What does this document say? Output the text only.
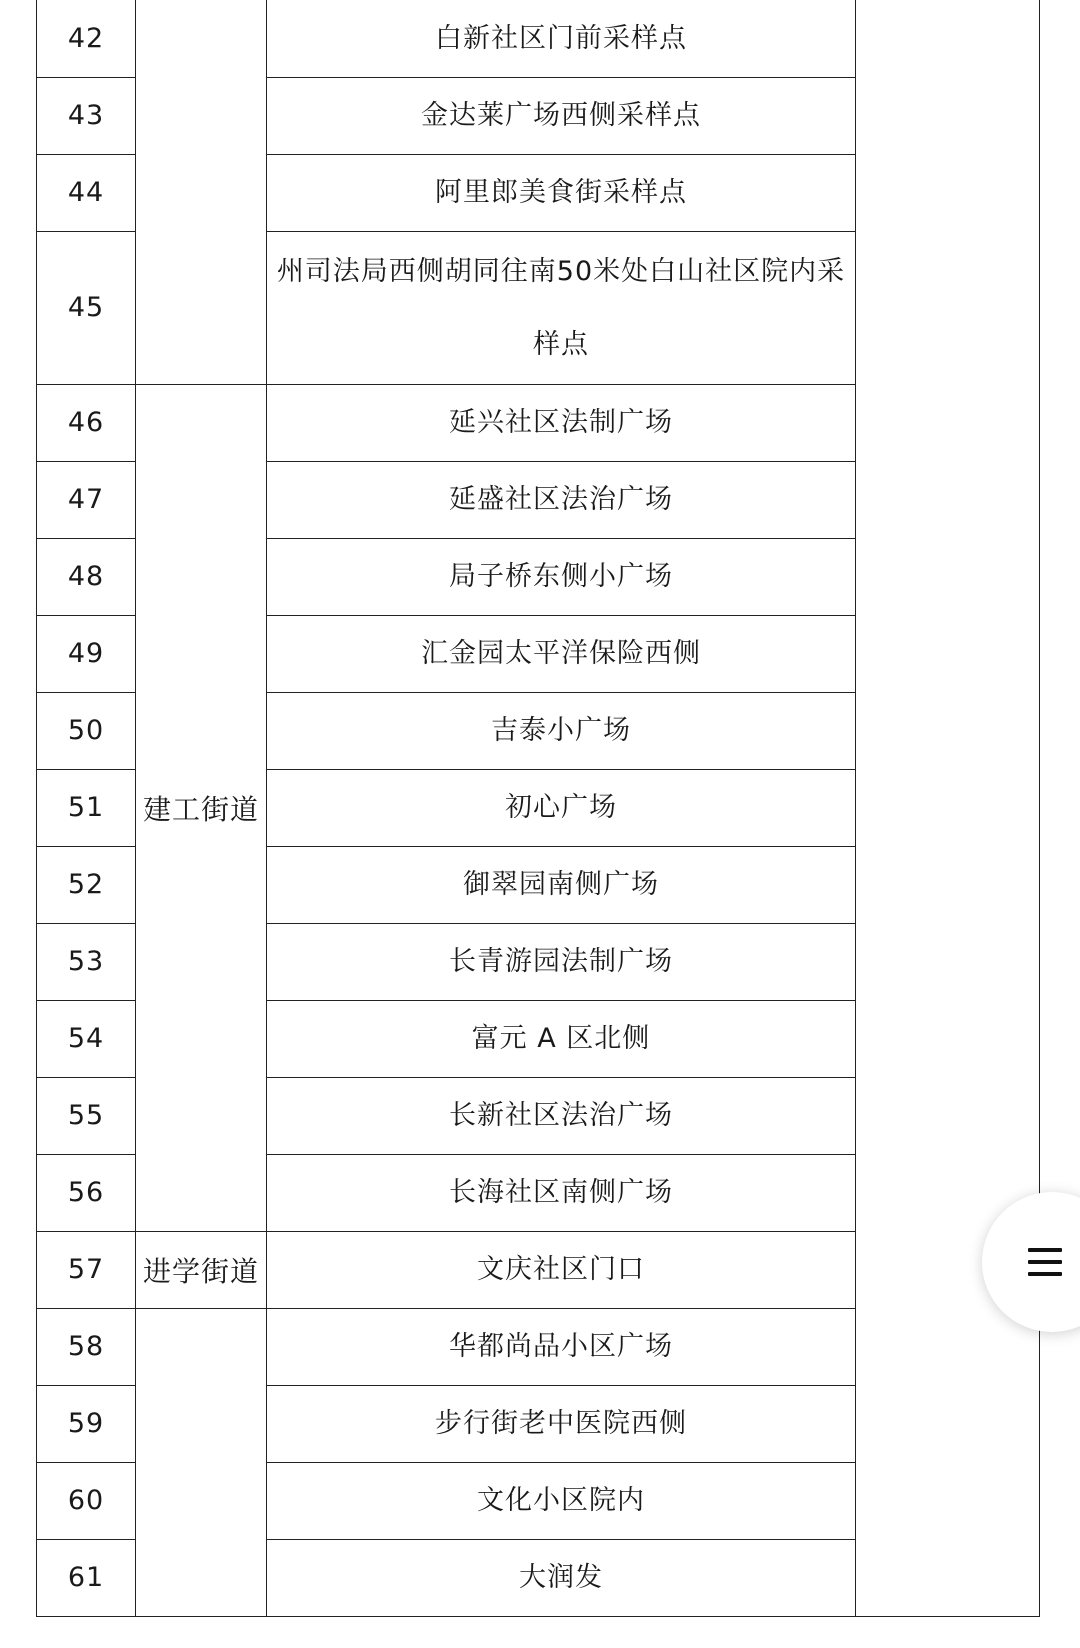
42		白新社区门前采样点	

43		金达莱广场西侧采样点	

44		阿里郎美食街采样点	

45		州司法局西侧胡同往南50米处白山社区院内采样点	

46	建工街道	延兴社区法制广场	

47		延盛社区法治广场	

48		局子桥东侧小广场	

49		汇金园太平洋保险西侧	

50		吉泰小广场	

51		初心广场	

52		御翠园南侧广场	

53		长青游园法制广场	

54		富元 A 区北侧	

55		长新社区法治广场	

56		长海社区南侧广场	

57	进学街道	文庆社区门口	

58		华都尚品小区广场	

59		步行街老中医院西侧	

60		文化小区院内	

61		大润发	
